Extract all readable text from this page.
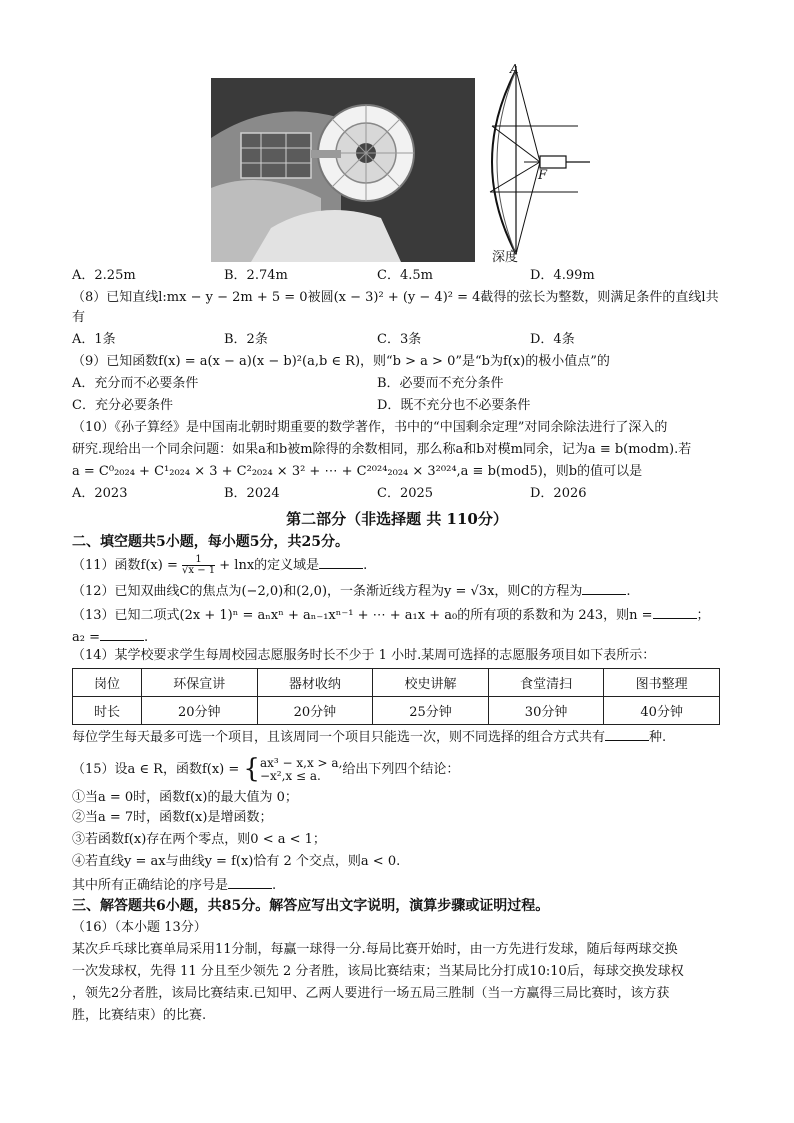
A
F
深度
A．2.25m	B．2.74m	C．4.5m	D．4.99m
（8）已知直线l:mx − y − 2m + 5 = 0被圆(x − 3)² + (y − 4)² = 4截得的弦长为整数，则满足条件的直线l共
有
A．1条	B．2条	C．3条	D．4条
（9）已知函数f(x) = a(x − a)(x − b)²(a,b ∈ R)，则“b > a > 0”是“b为f(x)的极小值点”的
A．充分而不必要条件	B．必要而不充分条件
C．充分必要条件	D．既不充分也不必要条件
（10）《孙子算经》是中国南北朝时期重要的数学著作，书中的“中国剩余定理”对同余除法进行了深入的
研究.现给出一个同余问题：如果a和b被m除得的余数相同，那么称a和b对模m同余，记为a ≡ b(modm).若
a = C⁰₂₀₂₄ + C¹₂₀₂₄ × 3 + C²₂₀₂₄ × 3² + ⋯ + C²⁰²⁴₂₀₂₄ × 3²⁰²⁴,a ≡ b(mod5)，则b的值可以是
A．2023	B．2024	C．2025	D．2026
第二部分（非选择题 共 110分）
二、填空题共5小题，每小题5分，共25分。
（11）函数$f(x) = \frac{1}{√x - 1} + \ln x$的定义域是	.
（12）已知双曲线C的焦点为(−2,0)和(2,0)，一条渐近线方程为y = √3x，则C的方程为	.
（13）已知二项式(2x + 1)ⁿ = aₙxⁿ + aₙ₋₁xⁿ⁻¹ + ⋯ + a₁x + a₀的所有项的系数和为 243，则n =	；
a₂ =	.
（14）某学校要求学生每周校园志愿服务时长不少于 1 小时.某周可选择的志愿服务项目如下表所示：
岗位	环保宣讲	器材收纳	校史讲解	食堂清扫	图书整理
时长	20分钟	20分钟	25分钟	30分钟	40分钟
每位学生每天最多可选一个项目，且该周同一个项目只能选一次，则不同选择的组合方式共有	种.
（15）设a ∈ R，函数f(x) = { ax³ − x,x > a,
−x²,x ≤ a.	给出下列四个结论：
①当a = 0时，函数f(x)的最大值为 0；
②当a = 7时，函数f(x)是增函数；
③若函数f(x)存在两个零点，则0 < a < 1；
④若直线y = ax与曲线y = f(x)恰有 2 个交点，则a < 0.
其中所有正确结论的序号是	.
三、解答题共6小题，共85分。解答应写出文字说明，演算步骤或证明过程。
（16）（本小题 13分）
某次乒乓球比赛单局采用11分制，每赢一球得一分.每局比赛开始时，由一方先进行发球，随后每两球交换
一次发球权，先得 11 分且至少领先 2 分者胜，该局比赛结束；当某局比分打成10:10后，每球交换发球权
，领先2分者胜，该局比赛结束.已知甲、乙两人要进行一场五局三胜制（当一方赢得三局比赛时，该方获
胜，比赛结束）的比赛.
